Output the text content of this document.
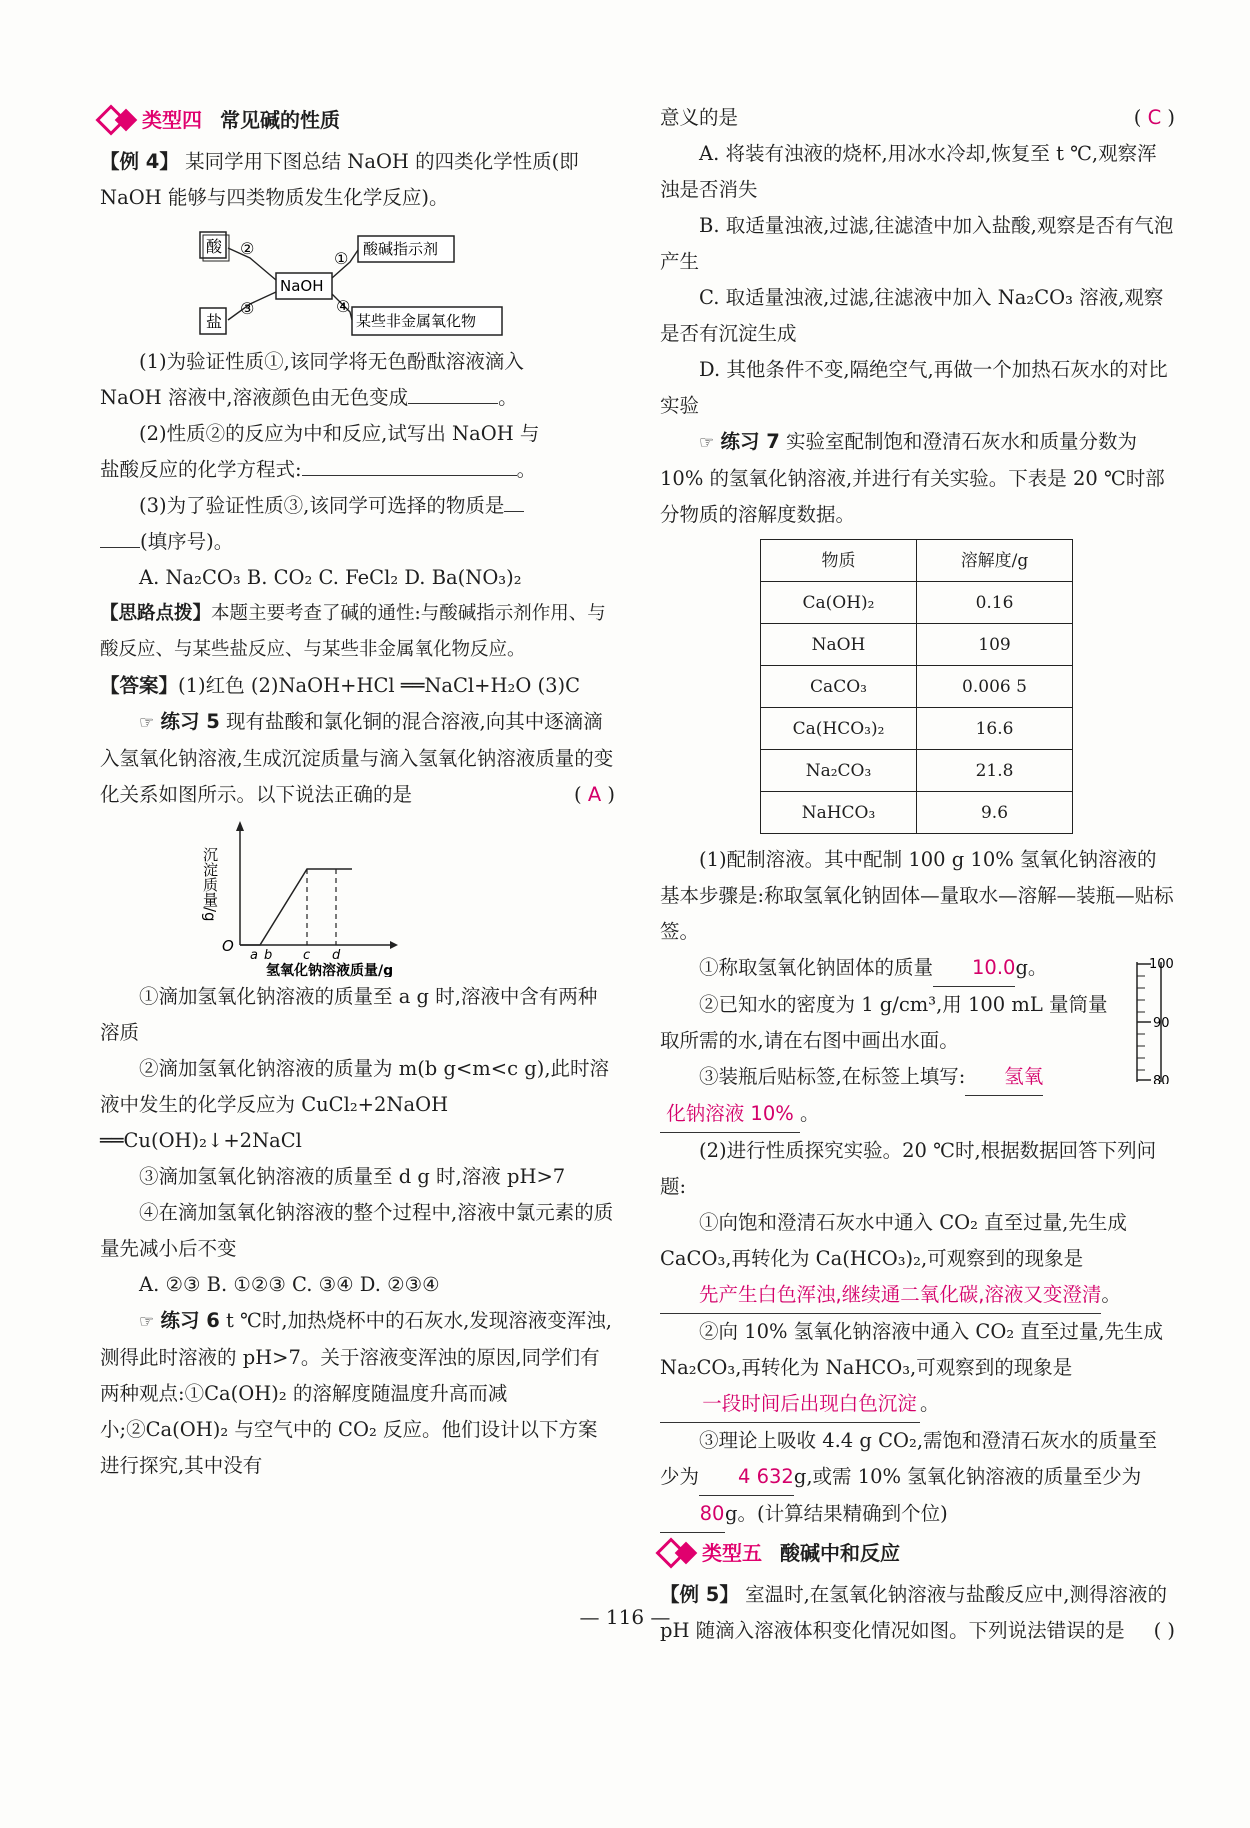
类型四 常见碱的性质

【例 4】 某同学用下图总结 NaOH 的四类化学性质(即 NaOH 能够与四类物质发生化学反应)。

酸
NaOH
酸碱指示剂
盐	某些非金属氧化物
②
①
③	④

(1)为验证性质①,该同学将无色酚酞溶液滴入

NaOH 溶液中,溶液颜色由无色变成	。

(2)性质②的反应为中和反应,试写出 NaOH 与

盐酸反应的化学方程式:	。

(3)为了验证性质③,该同学可选择的物质是

(填序号)。

A. Na₂CO₃ B. CO₂ C. FeCl₂ D. Ba(NO₃)₂

【思路点拨】本题主要考查了碱的通性:与酸碱指示剂作用、与酸反应、与某些盐反应、与某些非金属氧化物反应。

【答案】(1)红色 (2)NaOH+HCl ══NaCl+H₂O (3)C

☞ 练习 5 现有盐酸和氯化铜的混合溶液,向其中逐滴滴入氢氧化钠溶液,生成沉淀质量与滴入氢氧化钠溶液质量的变化关系如图所示。以下说法正确的是	( A )

沉淀质量/g
O
a b c d
氢氧化钠溶液质量/g

①滴加氢氧化钠溶液的质量至 a g 时,溶液中含有两种溶质

②滴加氢氧化钠溶液的质量为 m(b g<m<c g),此时溶液中发生的化学反应为 CuCl₂+2NaOH ══Cu(OH)₂↓+2NaCl

③滴加氢氧化钠溶液的质量至 d g 时,溶液 pH>7

④在滴加氢氧化钠溶液的整个过程中,溶液中氯元素的质量先减小后不变

A. ②③ B. ①②③ C. ③④ D. ②③④

☞ 练习 6 t ℃时,加热烧杯中的石灰水,发现溶液变浑浊,测得此时溶液的 pH>7。关于溶液变浑浊的原因,同学们有两种观点:①Ca(OH)₂ 的溶解度随温度升高而减小;②Ca(OH)₂ 与空气中的 CO₂ 反应。他们设计以下方案进行探究,其中没有

意义的是	( C )

A. 将装有浊液的烧杯,用冰水冷却,恢复至 t ℃,观察浑浊是否消失

B. 取适量浊液,过滤,往滤渣中加入盐酸,观察是否有气泡产生

C. 取适量浊液,过滤,往滤液中加入 Na₂CO₃ 溶液,观察是否有沉淀生成

D. 其他条件不变,隔绝空气,再做一个加热石灰水的对比实验

☞ 练习 7 实验室配制饱和澄清石灰水和质量分数为 10% 的氢氧化钠溶液,并进行有关实验。下表是 20 ℃时部分物质的溶解度数据。

物质	溶解度/g
Ca(OH)₂	0.16
NaOH	109
CaCO₃	0.006 5
Ca(HCO₃)₂	16.6
Na₂CO₃	21.8
NaHCO₃	9.6

(1)配制溶液。其中配制 100 g 10% 氢氧化钠溶液的基本步骤是:称取氢氧化钠固体—量取水—溶解—装瓶—贴标签。

100
90
80

①称取氢氧化钠固体的质量 10.0g。

②已知水的密度为 1 g/cm³,用 100 mL 量筒量取所需的水,请在右图中画出水面。

③装瓶后贴标签,在标签上填写: 氢氧

化钠溶液 10% 。

(2)进行性质探究实验。20 ℃时,根据数据回答下列问题:

①向饱和澄清石灰水中通入 CO₂ 直至过量,先生成 CaCO₃,再转化为 Ca(HCO₃)₂,可观察到的现象是先产生白色浑浊,继续通二氧化碳,溶液又变澄清。

②向 10% 氢氧化钠溶液中通入 CO₂ 直至过量,先生成 Na₂CO₃,再转化为 NaHCO₃,可观察到的现象是一段时间后出现白色沉淀 。

③理论上吸收 4.4 g CO₂,需饱和澄清石灰水的质量至少为 4 632g,或需 10% 氢氧化钠溶液的质量至少为80g。(计算结果精确到个位)

类型五 酸碱中和反应

【例 5】 室温时,在氢氧化钠溶液与盐酸反应中,测得溶液的 pH 随滴入溶液体积变化情况如图。下列说法错误的是 ( )

— 116 —
